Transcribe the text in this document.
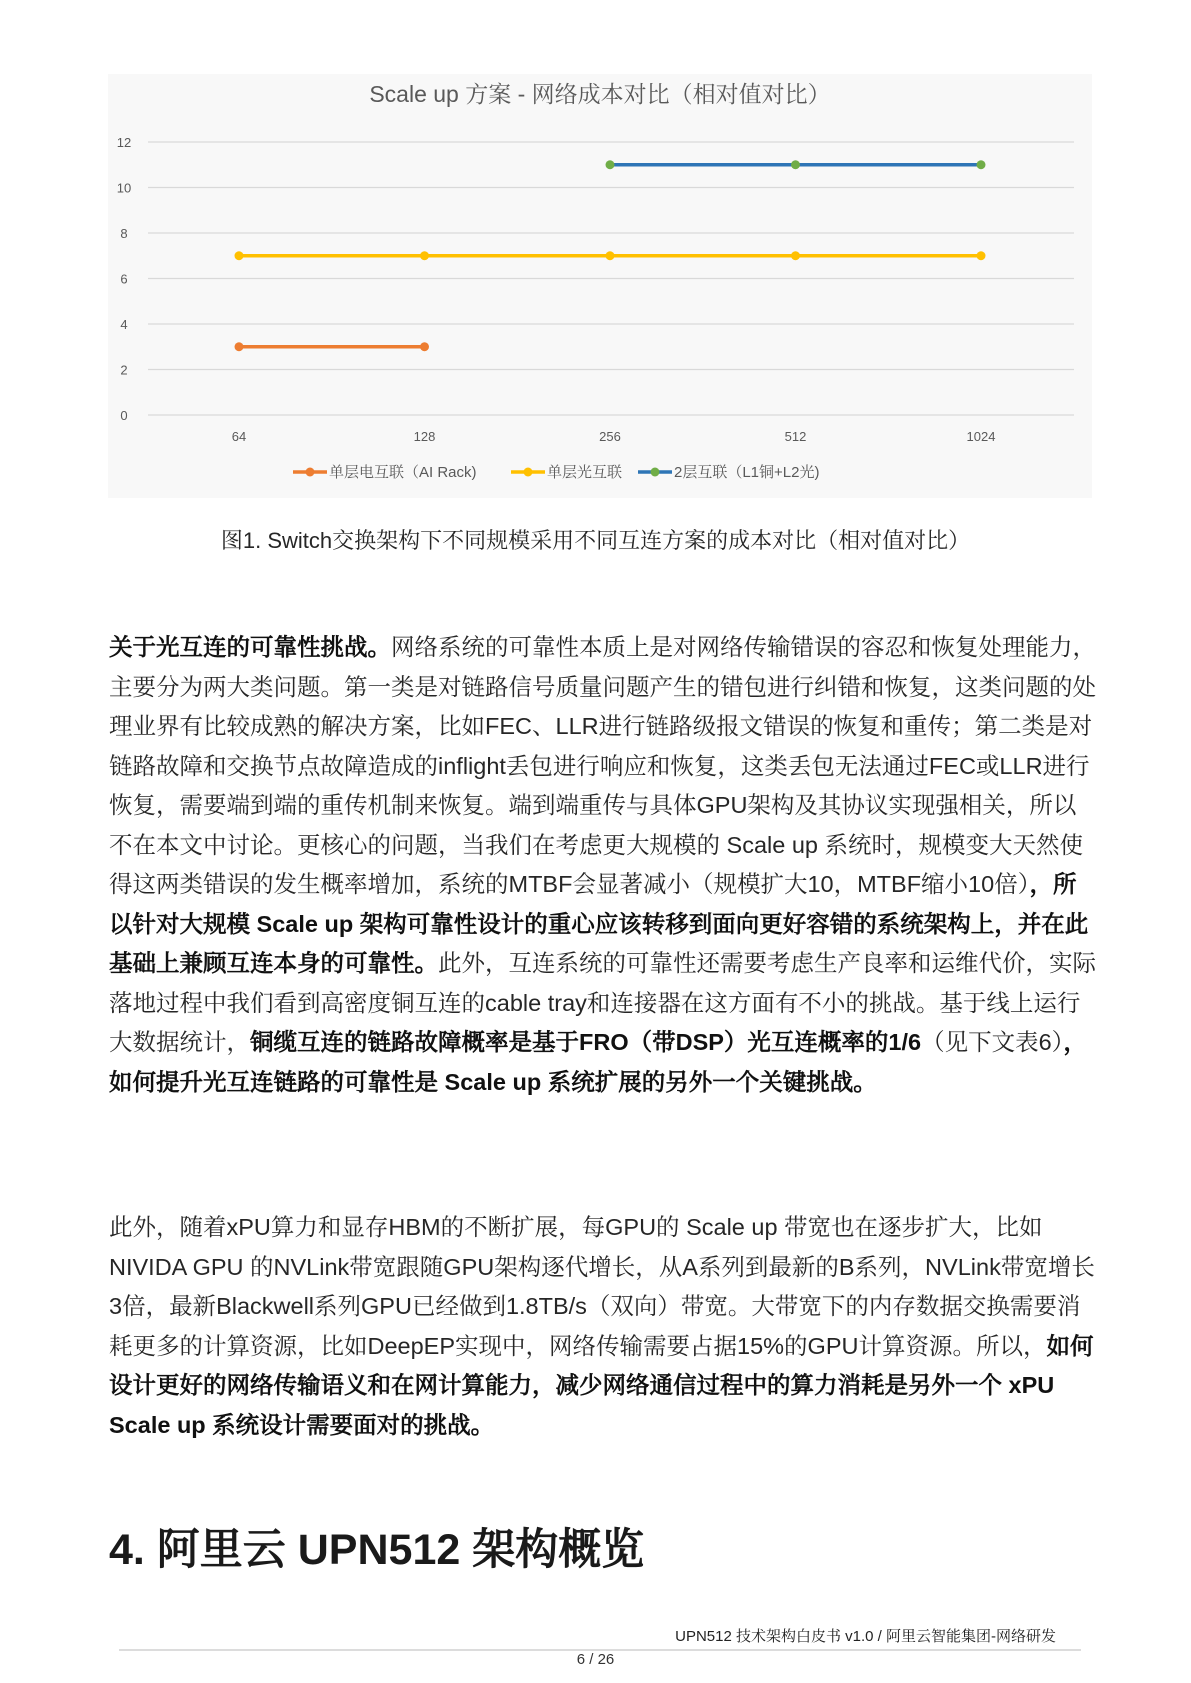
Scale up 方案 - 网络成本对比（相对值对比）
0
2
4
6
8
10
12
64	128	256	512	1024
单层电互联（AI Rack)	单层光互联	2层互联（L1铜+L2光)
图1. Switch交换架构下不同规模采用不同互连方案的成本对比（相对值对比）

关于光互连的可靠性挑战。网络系统的可靠性本质上是对网络传输错误的容忍和恢复处理能力，主要分为两大类问题。第一类是对链路信号质量问题产生的错包进行纠错和恢复，这类问题的处理业界有比较成熟的解决方案，比如FEC、LLR进行链路级报文错误的恢复和重传；第二类是对链路故障和交换节点故障造成的inflight丢包进行响应和恢复，这类丢包无法通过FEC或LLR进行恢复，需要端到端的重传机制来恢复。端到端重传与具体GPU架构及其协议实现强相关，所以不在本文中讨论。更核心的问题，当我们在考虑更大规模的 Scale up 系统时，规模变大天然使得这两类错误的发生概率增加，系统的MTBF会显著减小（规模扩大10，MTBF缩小10倍），所以针对大规模 Scale up 架构可靠性设计的重心应该转移到面向更好容错的系统架构上，并在此基础上兼顾互连本身的可靠性。此外，互连系统的可靠性还需要考虑生产良率和运维代价，实际落地过程中我们看到高密度铜互连的cable tray和连接器在这方面有不小的挑战。基于线上运行大数据统计，铜缆互连的链路故障概率是基于FRO（带DSP）光互连概率的1/6（见下文表6），如何提升光互连链路的可靠性是 Scale up 系统扩展的另外一个关键挑战。

此外，随着xPU算力和显存HBM的不断扩展，每GPU的 Scale up 带宽也在逐步扩大，比如NIVIDA GPU 的NVLink带宽跟随GPU架构逐代增长，从A系列到最新的B系列，NVLink带宽增长3倍，最新Blackwell系列GPU已经做到1.8TB/s（双向）带宽。大带宽下的内存数据交换需要消耗更多的计算资源，比如DeepEP实现中，网络传输需要占据15%的GPU计算资源。所以，如何设计更好的网络传输语义和在网计算能力，减少网络通信过程中的算力消耗是另外一个 xPU Scale up 系统设计需要面对的挑战。

4. 阿里云 UPN512 架构概览
UPN512 技术架构白皮书 v1.0 / 阿里云智能集团-网络研发
6 / 26
